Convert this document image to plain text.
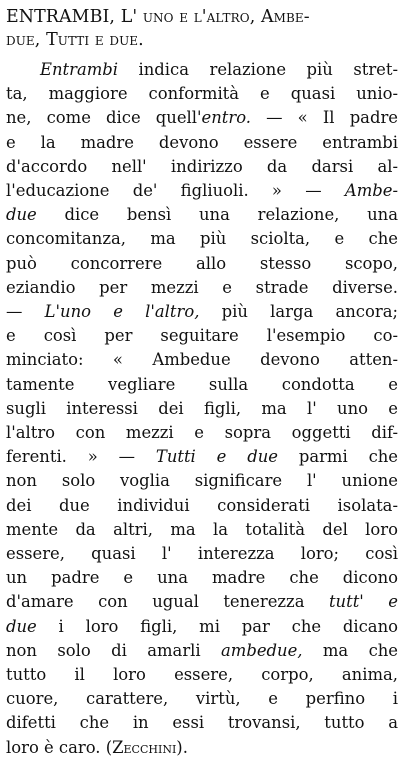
ENTRAMBI, L' uno e l'altro, Ambe-
due, Tutti e due.
Entrambi indica relazione più stret-
ta, maggiore conformità e quasi unio-
ne, come dice quell'entro. — « Il padre
e la madre devono essere entrambi
d'accordo nell' indirizzo da darsi al-
l'educazione de' figliuoli. » — Ambe-
due dice bensì una relazione, una
concomitanza, ma più sciolta, e che
può concorrere allo stesso scopo,
eziandio per mezzi e strade diverse.
— L'uno e l'altro, più larga ancora;
e così per seguitare l'esempio co-
minciato: « Ambedue devono atten-
tamente vegliare sulla condotta e
sugli interessi dei figli, ma l' uno e
l'altro con mezzi e sopra oggetti dif-
ferenti. » — Tutti e due parmi che
non solo voglia significare l' unione
dei due individui considerati isolata-
mente da altri, ma la totalità del loro
essere, quasi l' interezza loro; così
un padre e una madre che dicono
d'amare con ugual tenerezza tutt' e
due i loro figli, mi par che dicano
non solo di amarli ambedue, ma che
tutto il loro essere, corpo, anima,
cuore, carattere, virtù, e perfino i
difetti che in essi trovansi, tutto a
loro è caro. (Zecchini).
